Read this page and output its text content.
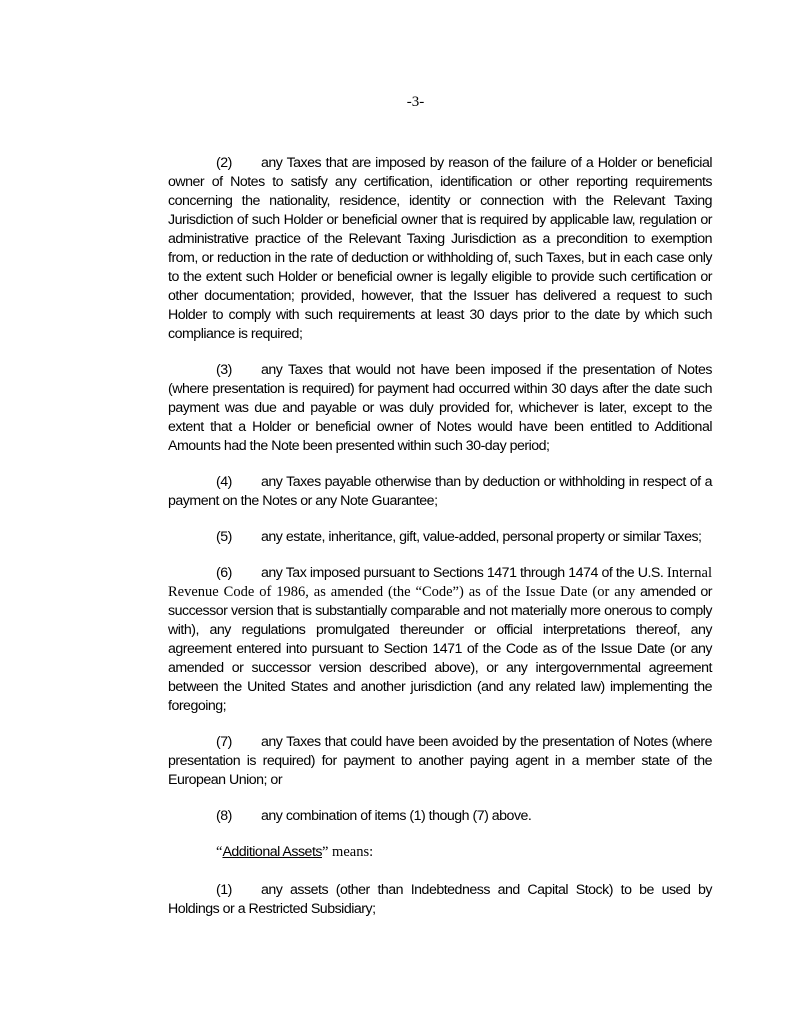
-3-

(2) any Taxes that are imposed by reason of the failure of a Holder or beneficial owner of Notes to satisfy any certification, identification or other reporting requirements concerning the nationality, residence, identity or connection with the Relevant Taxing Jurisdiction of such Holder or beneficial owner that is required by applicable law, regulation or administrative practice of the Relevant Taxing Jurisdiction as a precondition to exemption from, or reduction in the rate of deduction or withholding of, such Taxes, but in each case only to the extent such Holder or beneficial owner is legally eligible to provide such certification or other documentation; provided, however, that the Issuer has delivered a request to such Holder to comply with such requirements at least 30 days prior to the date by which such compliance is required;

(3) any Taxes that would not have been imposed if the presentation of Notes (where presentation is required) for payment had occurred within 30 days after the date such payment was due and payable or was duly provided for, whichever is later, except to the extent that a Holder or beneficial owner of Notes would have been entitled to Additional Amounts had the Note been presented within such 30-day period;

(4) any Taxes payable otherwise than by deduction or withholding in respect of a payment on the Notes or any Note Guarantee;

(5) any estate, inheritance, gift, value-added, personal property or similar Taxes;

(6) any Tax imposed pursuant to Sections 1471 through 1474 of the U.S. Internal Revenue Code of 1986, as amended (the “Code”) as of the Issue Date (or any amended or successor version that is substantially comparable and not materially more onerous to comply with), any regulations promulgated thereunder or official interpretations thereof, any agreement entered into pursuant to Section 1471 of the Code as of the Issue Date (or any amended or successor version described above), or any intergovernmental agreement between the United States and another jurisdiction (and any related law) implementing the foregoing;

(7) any Taxes that could have been avoided by the presentation of Notes (where presentation is required) for payment to another paying agent in a member state of the European Union; or

(8) any combination of items (1) though (7) above.

“Additional Assets” means:

(1) any assets (other than Indebtedness and Capital Stock) to be used by Holdings or a Restricted Subsidiary;
